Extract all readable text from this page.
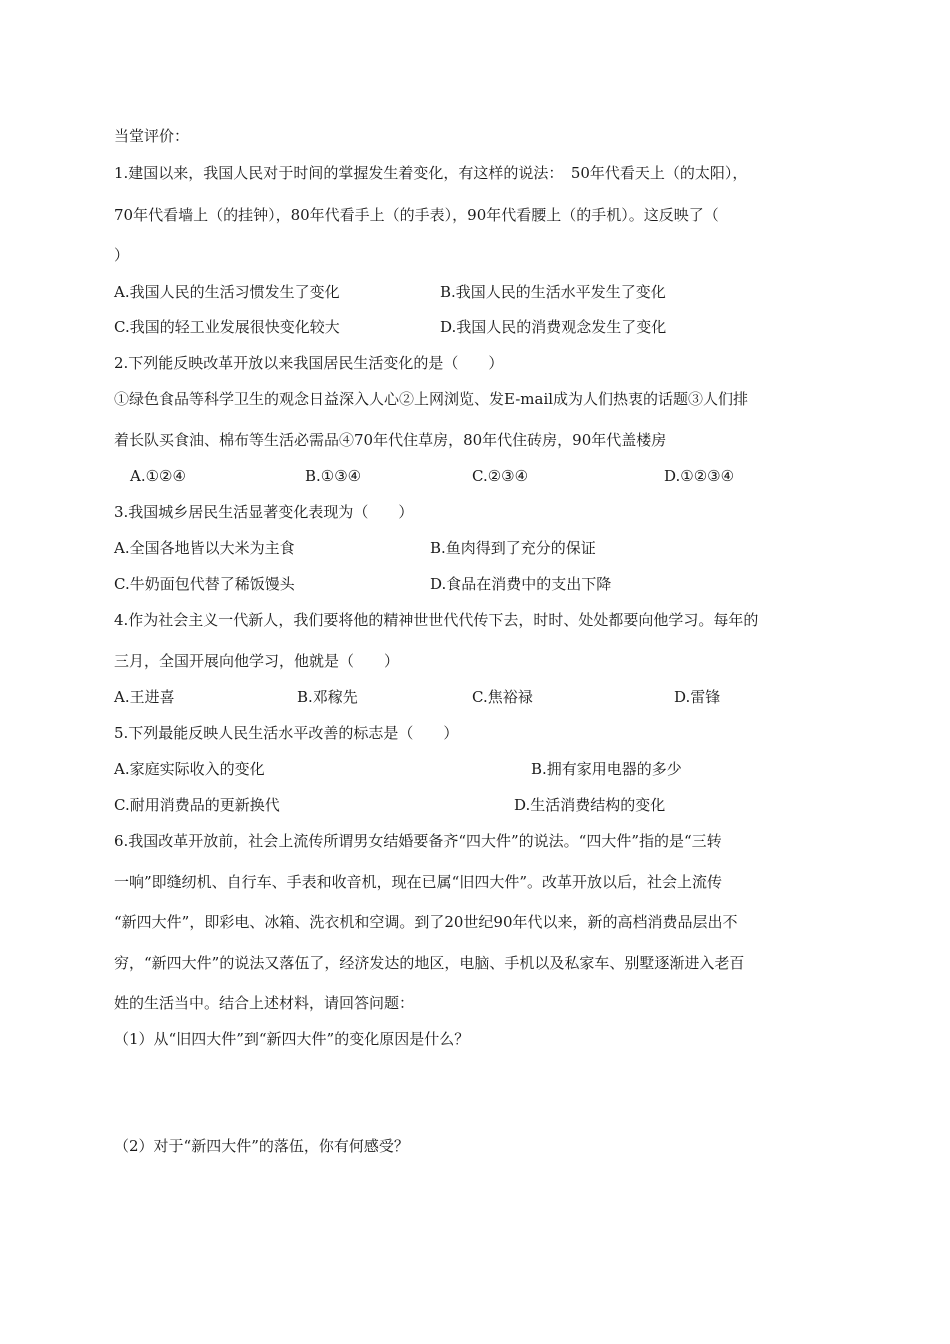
当堂评价：
1.建国以来，我国人民对于时间的掌握发生着变化，有这样的说法：　50年代看天上（的太阳），
70年代看墙上（的挂钟），80年代看手上（的手表），90年代看腰上（的手机）。这反映了（
）
A.我国人民的生活习惯发生了变化	B.我国人民的生活水平发生了变化
C.我国的轻工业发展很快变化较大	D.我国人民的消费观念发生了变化
2.下列能反映改革开放以来我国居民生活变化的是（　　）
①绿色食品等科学卫生的观念日益深入人心②上网浏览、发E-mail成为人们热衷的话题③人们排
着长队买食油、棉布等生活必需品④70年代住草房，80年代住砖房，90年代盖楼房
A.①②④	B.①③④	C.②③④	D.①②③④
3.我国城乡居民生活显著变化表现为（　　）
A.全国各地皆以大米为主食	B.鱼肉得到了充分的保证
C.牛奶面包代替了稀饭馒头	D.食品在消费中的支出下降
4.作为社会主义一代新人，我们要将他的精神世世代代传下去，时时、处处都要向他学习。每年的
三月，全国开展向他学习，他就是（　　）
A.王进喜	B.邓稼先	C.焦裕禄	D.雷锋
5.下列最能反映人民生活水平改善的标志是（　　）
A.家庭实际收入的变化	B.拥有家用电器的多少
C.耐用消费品的更新换代	D.生活消费结构的变化
6.我国改革开放前，社会上流传所谓男女结婚要备齐“四大件”的说法。“四大件”指的是“三转
一响”即缝纫机、自行车、手表和收音机，现在已属“旧四大件”。改革开放以后，社会上流传
“新四大件”，即彩电、冰箱、洗衣机和空调。到了20世纪90年代以来，新的高档消费品层出不
穷，“新四大件”的说法又落伍了，经济发达的地区，电脑、手机以及私家车、别墅逐渐进入老百
姓的生活当中。结合上述材料，请回答问题：
（1）从“旧四大件”到“新四大件”的变化原因是什么？
（2）对于“新四大件”的落伍，你有何感受？
